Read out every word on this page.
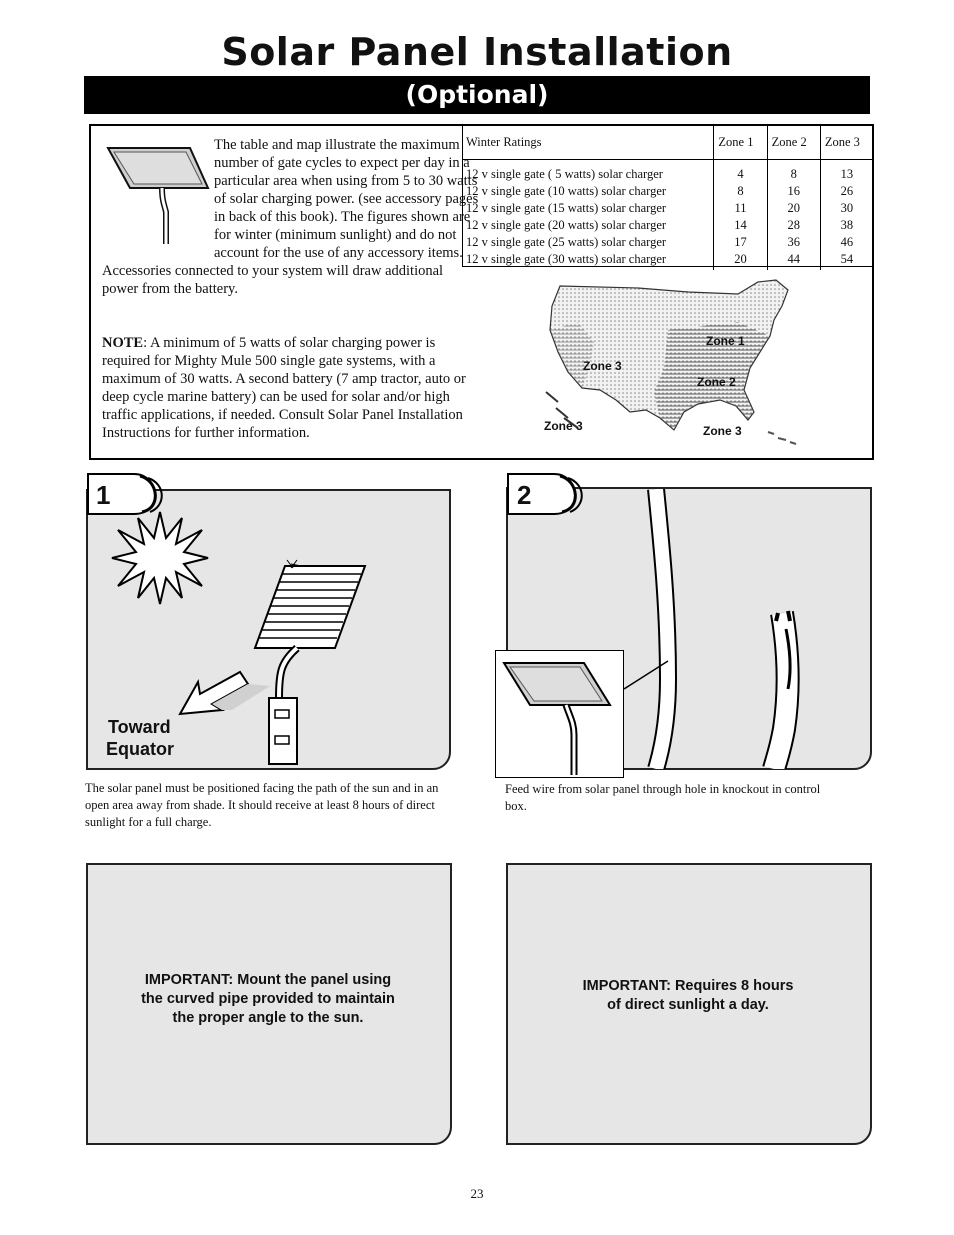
Solar Panel Installation
(Optional)

The table and map illustrate the maximum number of gate cycles to expect per day in a particular area when using from 5 to 30 watts of solar charging power. (see accessory pages in back of this book). The figures shown are for winter (minimum sunlight) and do not account for the use of any accessory items. Accessories connected to your system will draw additional power from the battery.

NOTE: A minimum of 5 watts of solar charging power is required for Mighty Mule 500 single gate systems, with a maximum of 30 watts. A second battery (7 amp tractor, auto or deep cycle marine battery) can be used for solar and/or high traffic applications, if needed. Consult Solar Panel Installation Instructions for further information.
Winter Ratings	Zone 1	Zone 2	Zone 3
12 v single gate ( 5 watts) solar charger	4	8	13
12 v single gate (10 watts) solar charger	8	16	26
12 v single gate (15 watts) solar charger	11	20	30
12 v single gate (20 watts) solar charger	14	28	38
12 v single gate (25 watts) solar charger	17	36	46
12 v single gate (30 watts) solar charger	20	44	54
Zone 1
Zone 2
Zone 3
Zone 3	Zone 3
1
Toward
Equator
The solar panel must be positioned facing the path of the sun and in an open area away from shade. It should receive at least 8 hours of direct sunlight for a full charge.
2
Feed wire from solar panel through hole in knockout in control box.
IMPORTANT: Mount the panel using
the curved pipe provided to maintain
the proper angle to the sun.
IMPORTANT: Requires 8 hours
of direct sunlight a day.
23
